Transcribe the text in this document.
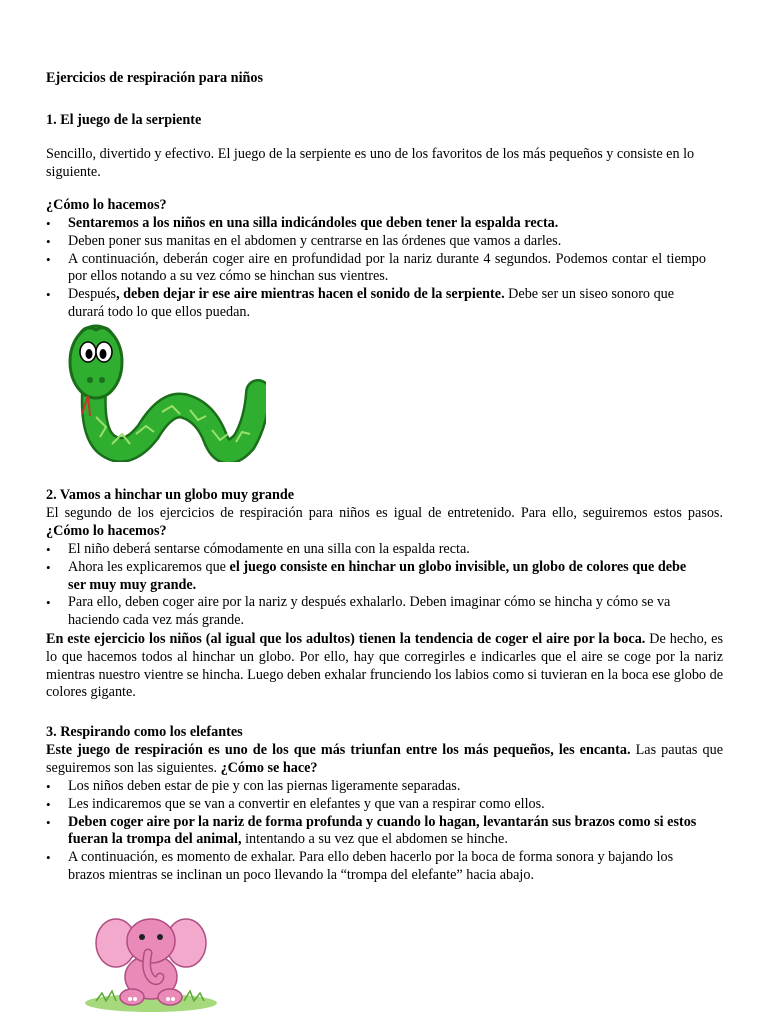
Ejercicios de respiración para niños
1. El juego de la serpiente

Sencillo, divertido y efectivo. El juego de la serpiente es uno de los favoritos de los más pequeños y consiste en lo siguiente.

¿Cómo lo hacemos?
• Sentaremos a los niños en una silla indicándoles que deben tener la espalda recta.
• Deben poner sus manitas en el abdomen y centrarse en las órdenes que vamos a darles.
• A continuación, deberán coger aire en profundidad por la nariz durante 4 segundos. Podemos contar el tiempo por ellos notando a su vez cómo se hinchan sus vientres.
• Después, deben dejar ir ese aire mientras hacen el sonido de la serpiente. Debe ser un siseo sonoro que durará todo lo que ellos puedan.
2. Vamos a hinchar un globo muy grande

El segundo de los ejercicios de respiración para niños es igual de entretenido. Para ello, seguiremos estos pasos. ¿Cómo lo hacemos?

• El niño deberá sentarse cómodamente en una silla con la espalda recta.
• Ahora les explicaremos que el juego consiste en hinchar un globo invisible, un globo de colores que debe ser muy muy grande.
• Para ello, deben coger aire por la nariz y después exhalarlo. Deben imaginar cómo se hincha y cómo se va haciendo cada vez más grande.

En este ejercicio los niños (al igual que los adultos) tienen la tendencia de coger el aire por la boca. De hecho, es lo que hacemos todos al hinchar un globo. Por ello, hay que corregirles e indicarles que el aire se coge por la nariz mientras nuestro vientre se hincha. Luego deben exhalar frunciendo los labios como si tuvieran en la boca ese globo de colores gigante.

3. Respirando como los elefantes

Este juego de respiración es uno de los que más triunfan entre los más pequeños, les encanta. Las pautas que seguiremos son las siguientes. ¿Cómo se hace?

• Los niños deben estar de pie y con las piernas ligeramente separadas.
• Les indicaremos que se van a convertir en elefantes y que van a respirar como ellos.
• Deben coger aire por la nariz de forma profunda y cuando lo hagan, levantarán sus brazos como si estos fueran la trompa del animal, intentando a su vez que el abdomen se hinche.
• A continuación, es momento de exhalar. Para ello deben hacerlo por la boca de forma sonora y bajando los brazos mientras se inclinan un poco llevando la “trompa del elefante” hacia abajo.
